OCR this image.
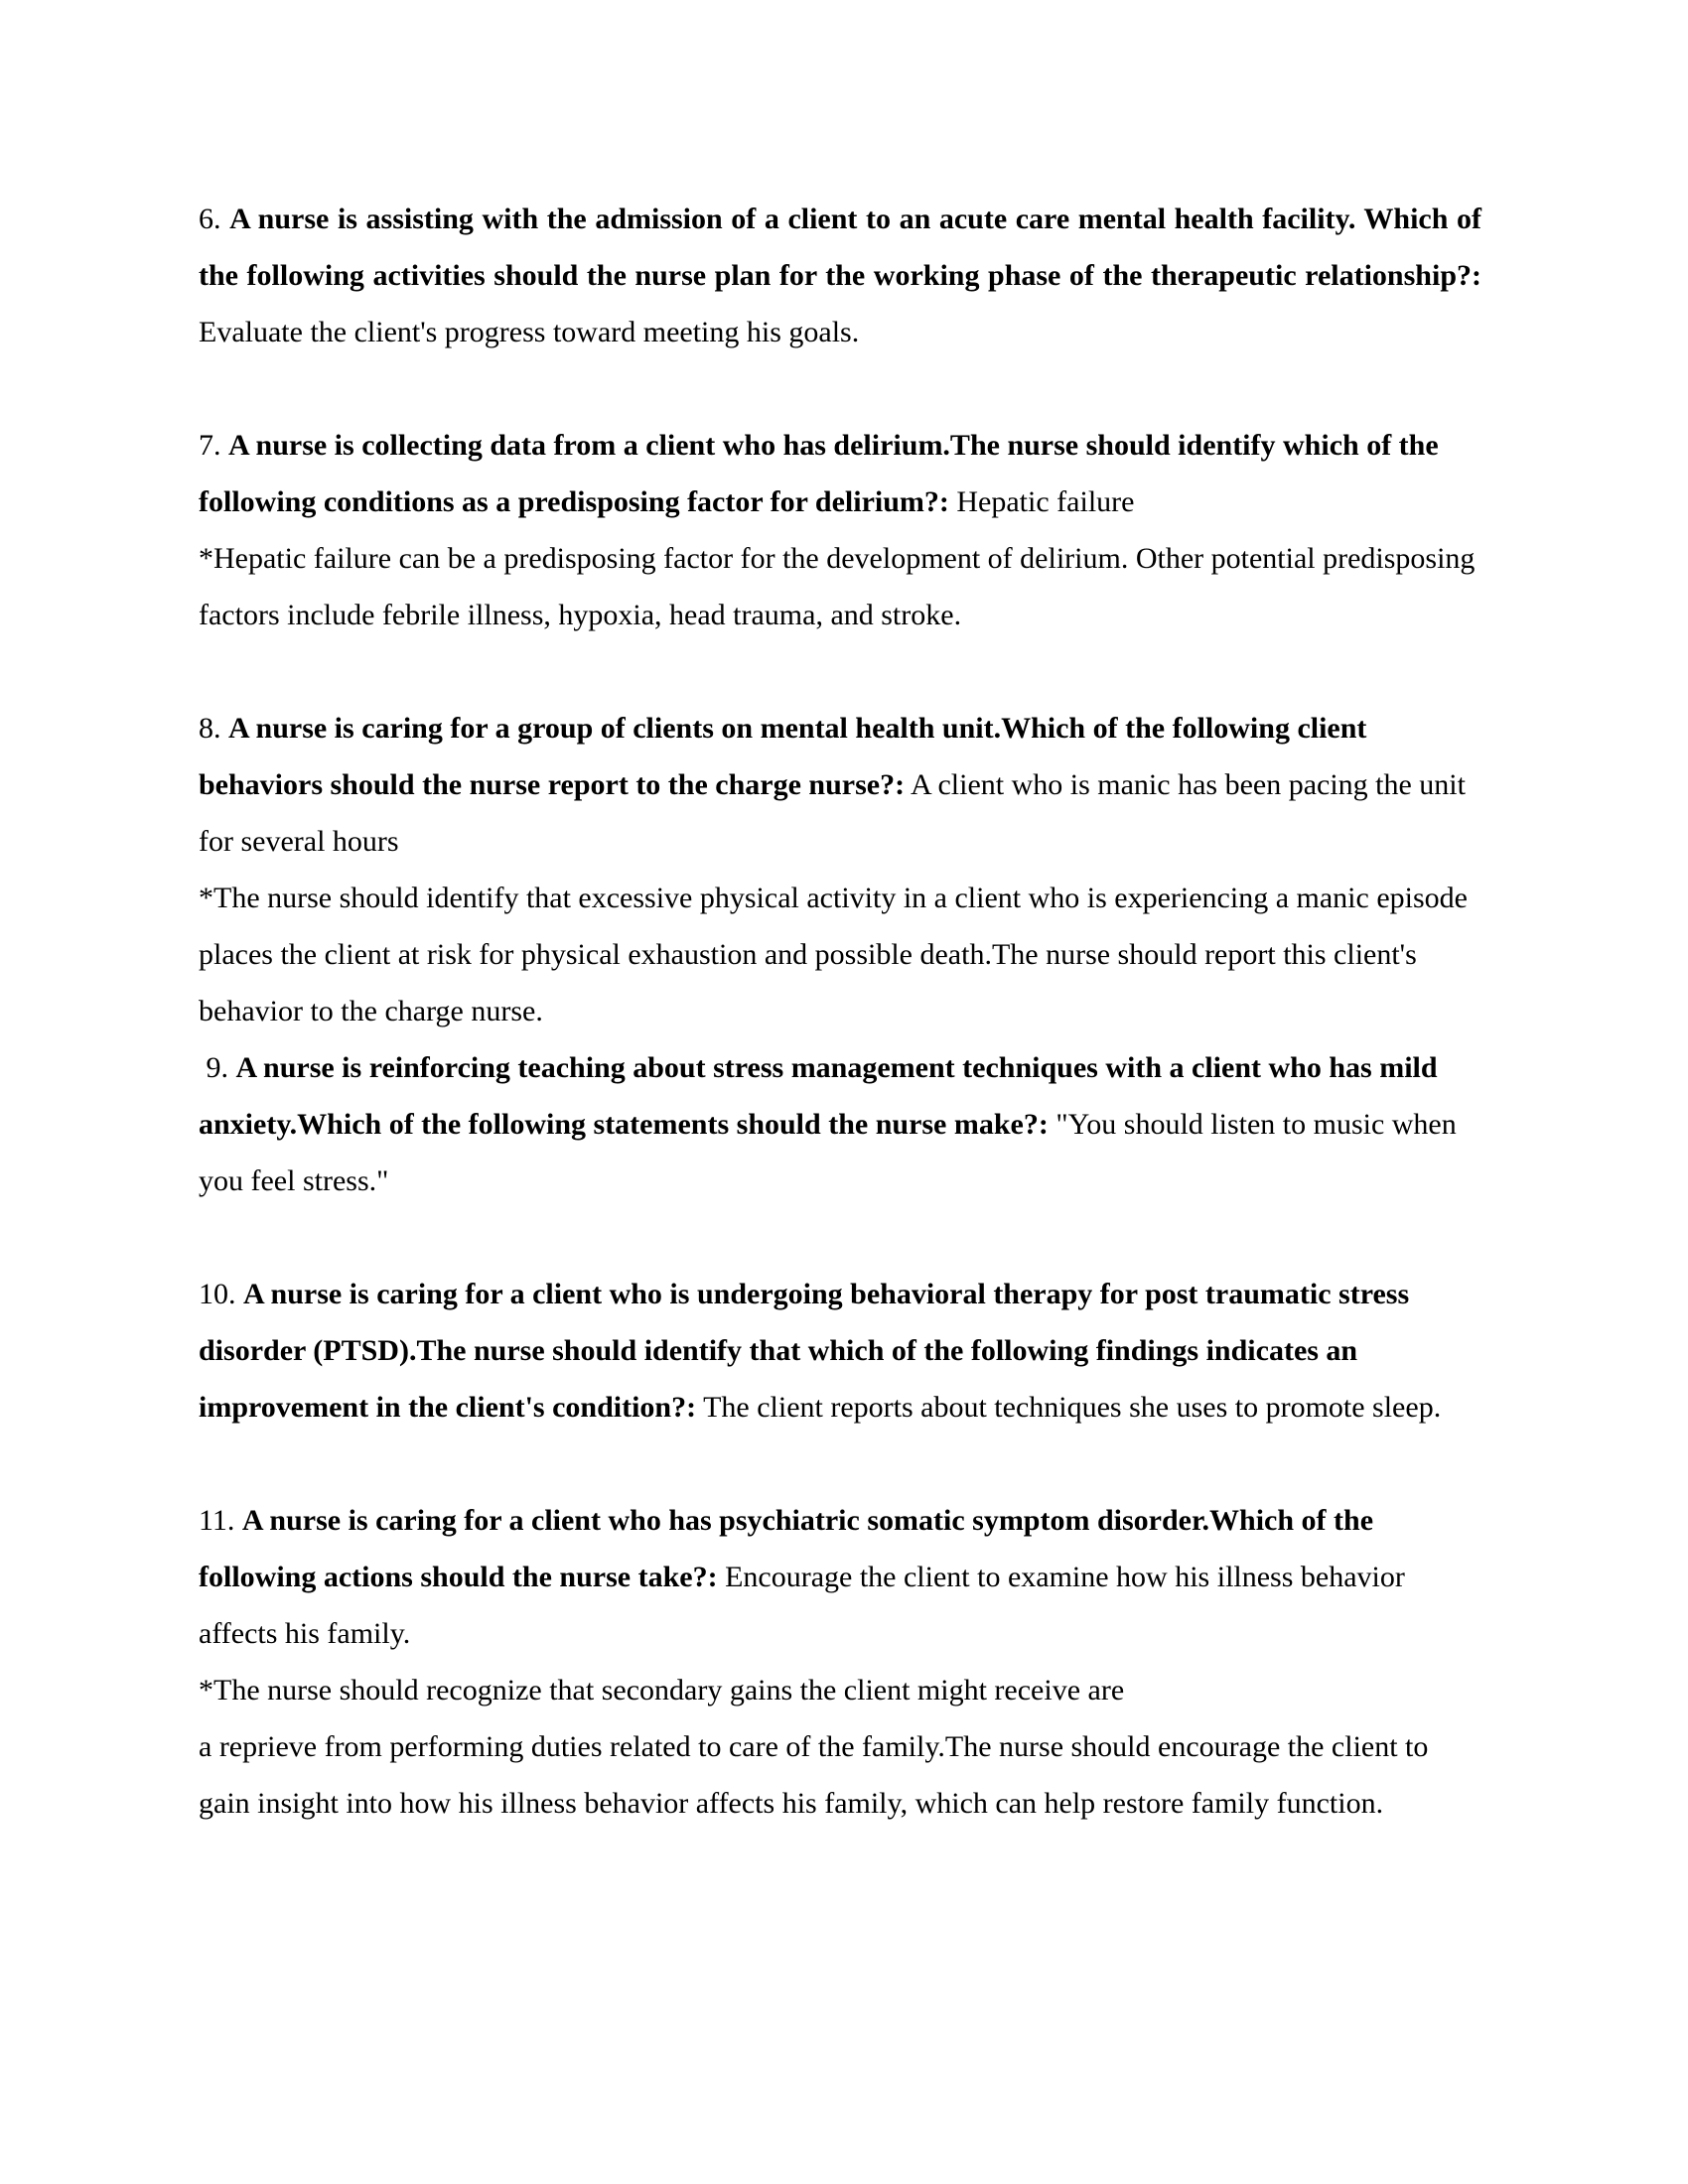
6. A nurse is assisting with the admission of a client to an acute care mental health facility. Which of the following activities should the nurse plan for the working phase of the therapeutic relationship?: Evaluate the client's progress toward meeting his goals.

7. A nurse is collecting data from a client who has delirium.The nurse should identify which of the following conditions as a predisposing factor for delirium?: Hepatic failure

*Hepatic failure can be a predisposing factor for the development of delirium. Other potential predisposing factors include febrile illness, hypoxia, head trauma, and stroke.

8. A nurse is caring for a group of clients on mental health unit.Which of the following client behaviors should the nurse report to the charge nurse?: A client who is manic has been pacing the unit for several hours

*The nurse should identify that excessive physical activity in a client who is experiencing a manic episode places the client at risk for physical exhaustion and possible death.The nurse should report this client's behavior to the charge nurse.

9. A nurse is reinforcing teaching about stress management techniques with a client who has mild anxiety.Which of the following statements should the nurse make?: "You should listen to music when you feel stress."

10. A nurse is caring for a client who is undergoing behavioral therapy for post traumatic stress disorder (PTSD).The nurse should identify that which of the following findings indicates an improvement in the client's condition?: The client reports about techniques she uses to promote sleep.

11. A nurse is caring for a client who has psychiatric somatic symptom disorder.Which of the following actions should the nurse take?: Encourage the client to examine how his illness behavior affects his family.

*The nurse should recognize that secondary gains the client might receive are

a reprieve from performing duties related to care of the family.The nurse should encourage the client to gain insight into how his illness behavior affects his family, which can help restore family function.
